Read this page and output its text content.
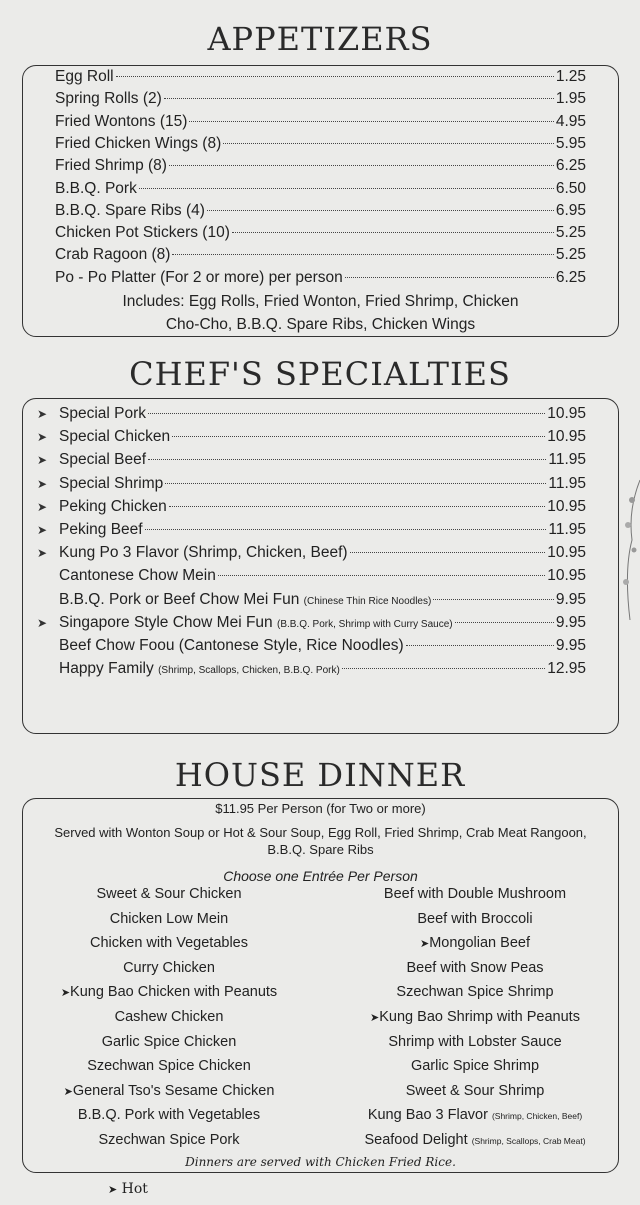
APPETIZERS
Egg Roll	1.25
Spring Rolls (2)	1.95
Fried Wontons (15)	4.95
Fried Chicken Wings (8)	5.95
Fried Shrimp (8)	6.25
B.B.Q. Pork	6.50
B.B.Q. Spare Ribs (4)	6.95
Chicken Pot Stickers (10)	5.25
Crab Ragoon (8)	5.25
Po - Po Platter (For 2 or more) per person	6.25
Includes: Egg Rolls, Fried Wonton, Fried Shrimp, Chicken
Cho-Cho, B.B.Q. Spare Ribs, Chicken Wings
CHEF'S SPECIALTIES
➤ Special Pork	10.95
➤ Special Chicken	10.95
➤ Special Beef	11.95
➤ Special Shrimp	11.95
➤ Peking Chicken	10.95
➤ Peking Beef	11.95
➤ Kung Po 3 Flavor (Shrimp, Chicken, Beef)	10.95
Cantonese Chow Mein	10.95
B.B.Q. Pork or Beef Chow Mei Fun (Chinese Thin Rice Noodles)	9.95
➤ Singapore Style Chow Mei Fun (B.B.Q. Pork, Shrimp with Curry Sauce)	9.95
Beef Chow Foou (Cantonese Style, Rice Noodles)	9.95
Happy Family (Shrimp, Scallops, Chicken, B.B.Q. Pork)	12.95
HOUSE DINNER
$11.95 Per Person (for Two or more)
Served with Wonton Soup or Hot & Sour Soup, Egg Roll, Fried Shrimp, Crab Meat Rangoon,
B.B.Q. Spare Ribs
Choose one Entrée Per Person
Sweet & Sour Chicken
Chicken Low Mein
Chicken with Vegetables
Curry Chicken
➤Kung Bao Chicken with Peanuts
Cashew Chicken
Garlic Spice Chicken
Szechwan Spice Chicken
➤General Tso's Sesame Chicken
B.B.Q. Pork with Vegetables
Szechwan Spice Pork
Beef with Double Mushroom
Beef with Broccoli
➤Mongolian Beef
Beef with Snow Peas
Szechwan Spice Shrimp
➤Kung Bao Shrimp with Peanuts
Shrimp with Lobster Sauce
Garlic Spice Shrimp
Sweet & Sour Shrimp
Kung Bao 3 Flavor (Shrimp, Chicken, Beef)
Seafood Delight (Shrimp, Scallops, Crab Meat)
Dinners are served with Chicken Fried Rice.
➤ Hot
